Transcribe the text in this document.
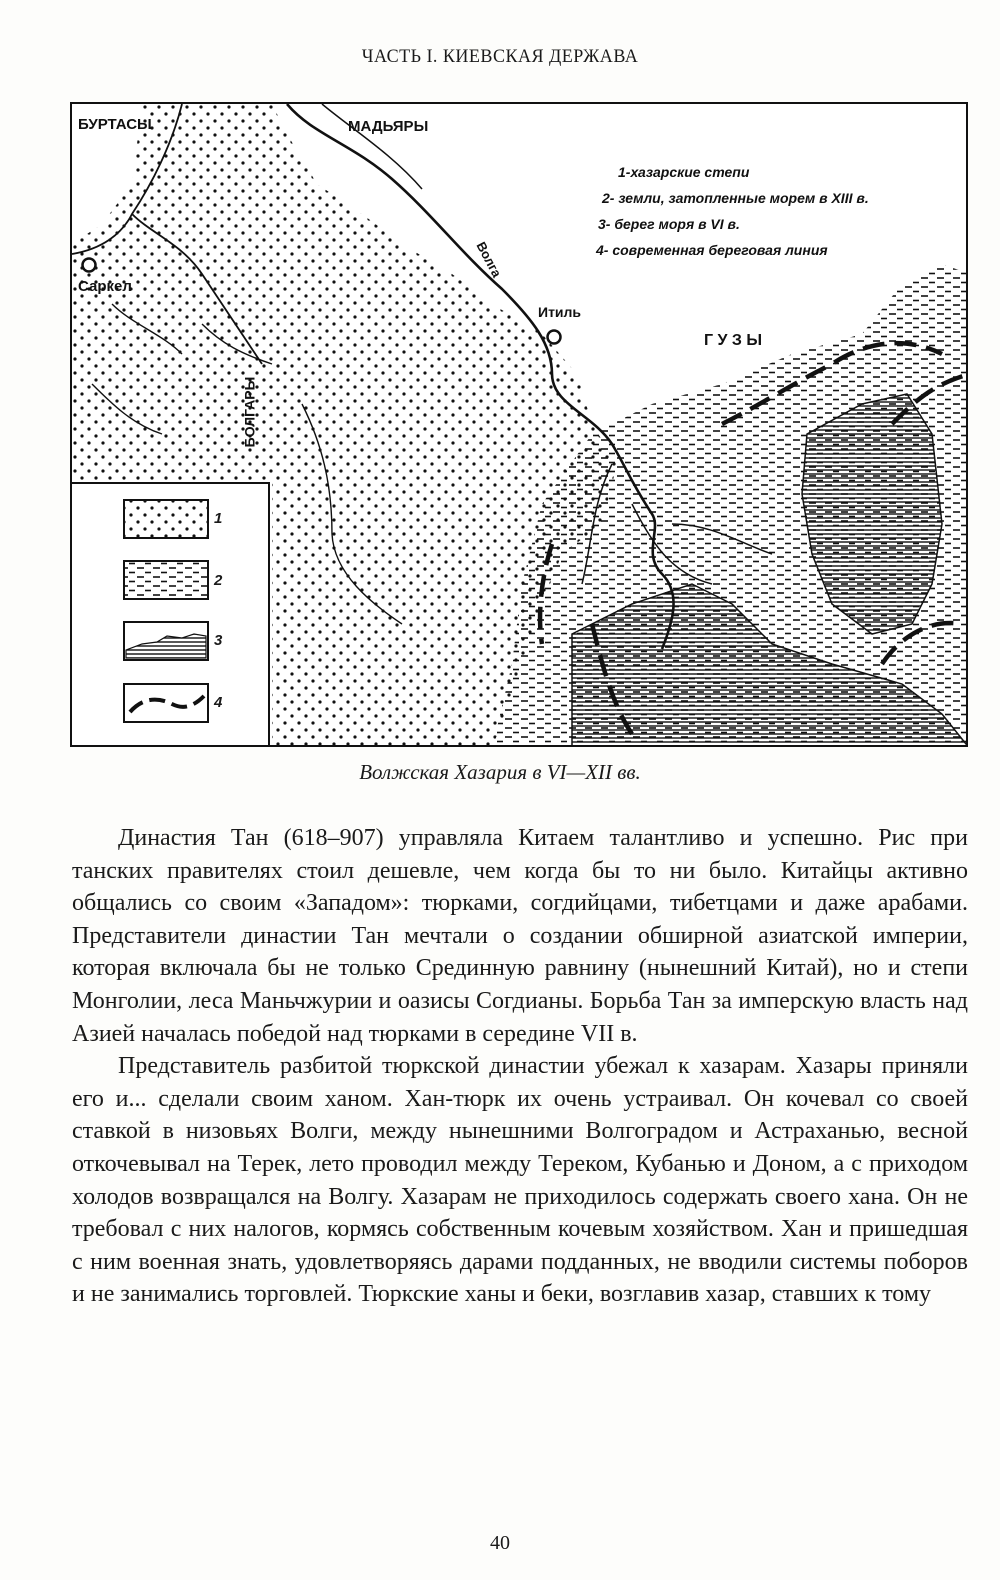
ЧАСТЬ I. КИЕВСКАЯ ДЕРЖАВА
БУРТАСЫ	МАДЬЯРЫ
Саркел
Волга
Итиль
Г У З Ы
БОЛГАРЫ
1-хазарские степи
2- земли, затопленные морем в XIII в.
3- берег моря в VI в.
4- современная береговая линия
1
2
3
4
Волжская Хазария в VI—XII вв.

Династия Тан (618–907) управляла Китаем талантливо и успешно. Рис при танских правителях стоил дешевле, чем когда бы то ни было. Китайцы активно общались со своим «Западом»: тюрками, согдийцами, тибетцами и даже арабами. Представители династии Тан мечтали о создании обширной азиатской империи, которая включала бы не только Срединную равнину (нынешний Китай), но и степи Монголии, леса Маньчжурии и оазисы Согдианы. Борьба Тан за имперскую власть над Азией началась победой над тюрками в середине VII в.

Представитель разбитой тюркской династии убежал к хазарам. Хазары приняли его и... сделали своим ханом. Хан-тюрк их очень устраивал. Он кочевал со своей ставкой в низовьях Волги, между нынешними Волгоградом и Астраханью, весной откочевывал на Терек, лето проводил между Тереком, Кубанью и Доном, а с приходом холодов возвращался на Волгу. Хазарам не приходилось содержать своего хана. Он не требовал с них налогов, кормясь собственным кочевым хозяйством. Хан и пришедшая с ним военная знать, удовлетворяясь дарами подданных, не вводили системы поборов и не занимались торговлей. Тюркские ханы и беки, возглавив хазар, ставших к тому

40
